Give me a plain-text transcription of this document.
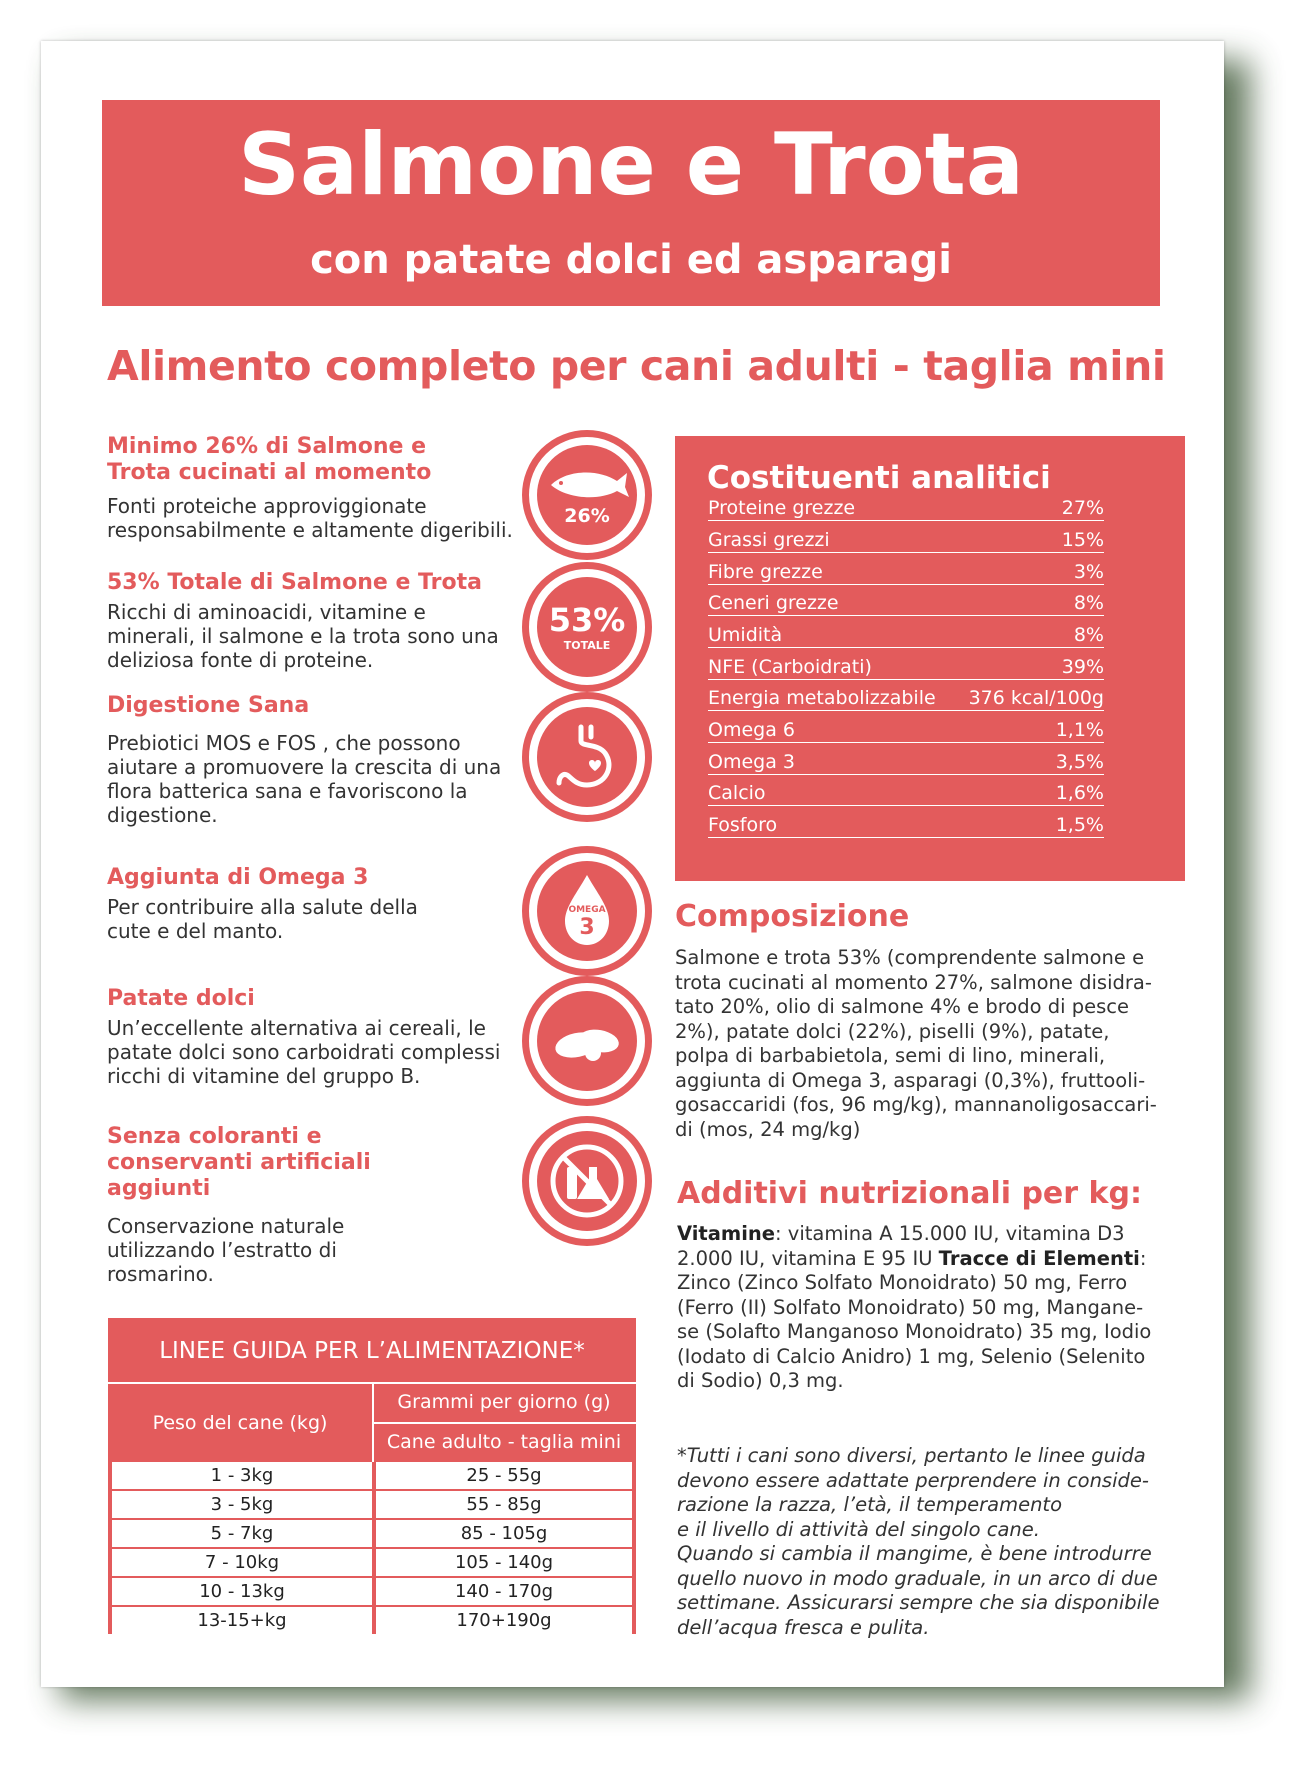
Salmone e Trota
con patate dolci ed asparagi
Alimento completo per cani adulti - taglia mini
Minimo 26% di Salmone e Trota cucinati al momento
Fonti proteiche approviggionate responsabilmente e altamente digeribili.
53% Totale di Salmone e Trota
Ricchi di aminoacidi, vitamine e minerali, il salmone e la trota sono una deliziosa fonte di proteine.
Digestione Sana
Prebiotici MOS e FOS , che possono aiutare a promuovere la crescita di una flora batterica sana e favoriscono la digestione.
Aggiunta di Omega 3
Per contribuire alla salute della cute e del manto.
Patate dolci
Un’eccellente alternativa ai cereali, le patate dolci sono carboidrati complessi ricchi di vitamine del gruppo B.
Senza coloranti e conservanti artificiali aggiunti
Conservazione naturale utilizzando l’estratto di rosmarino.
26%
53%
TOTALE
OMEGA
3
Costituenti analitici
Proteine grezze	27%
Grassi grezzi	15%
Fibre grezze	3%
Ceneri grezze	8%
Umidità	8%
NFE (Carboidrati)	39%
Energia metabolizzabile 376 kcal/100g
Omega 6	1,1%
Omega 3	3,5%
Calcio	1,6%
Fosforo	1,5%
Composizione
Salmone e trota 53% (comprendente salmone e
trota cucinati al momento 27%, salmone disidra-
tato 20%, olio di salmone 4% e brodo di pesce
2%), patate dolci (22%), piselli (9%), patate,
polpa di barbabietola, semi di lino, minerali,
aggiunta di Omega 3, asparagi (0,3%), fruttooli-
gosaccaridi (fos, 96 mg/kg), mannanoligosaccari-
di (mos, 24 mg/kg)
Additivi nutrizionali per kg:
Vitamine: vitamina A 15.000 IU, vitamina D3
2.000 IU, vitamina E 95 IU Tracce di Elementi:
Zinco (Zinco Solfato Monoidrato) 50 mg, Ferro
(Ferro (II) Solfato Monoidrato) 50 mg, Mangane-
se (Solafto Manganoso Monoidrato) 35 mg, Iodio
(Iodato di Calcio Anidro) 1 mg, Selenio (Selenito
di Sodio) 0,3 mg.
*Tutti i cani sono diversi, pertanto le linee guida
devono essere adattate perprendere in conside-
razione la razza, l’età, il temperamento
e il livello di attività del singolo cane.
Quando si cambia il mangime, è bene introdurre
quello nuovo in modo graduale, in un arco di due
settimane. Assicurarsi sempre che sia disponibile
dell’acqua fresca e pulita.
LINEE GUIDA PER L’ALIMENTAZIONE*
Peso del cane (kg)
Grammi per giorno (g)
Cane adulto - taglia mini
1 - 3kg	25 - 55g
3 - 5kg	55 - 85g
5 - 7kg	85 - 105g
7 - 10kg	105 - 140g
10 - 13kg	140 - 170g
13-15+kg	170+190g
